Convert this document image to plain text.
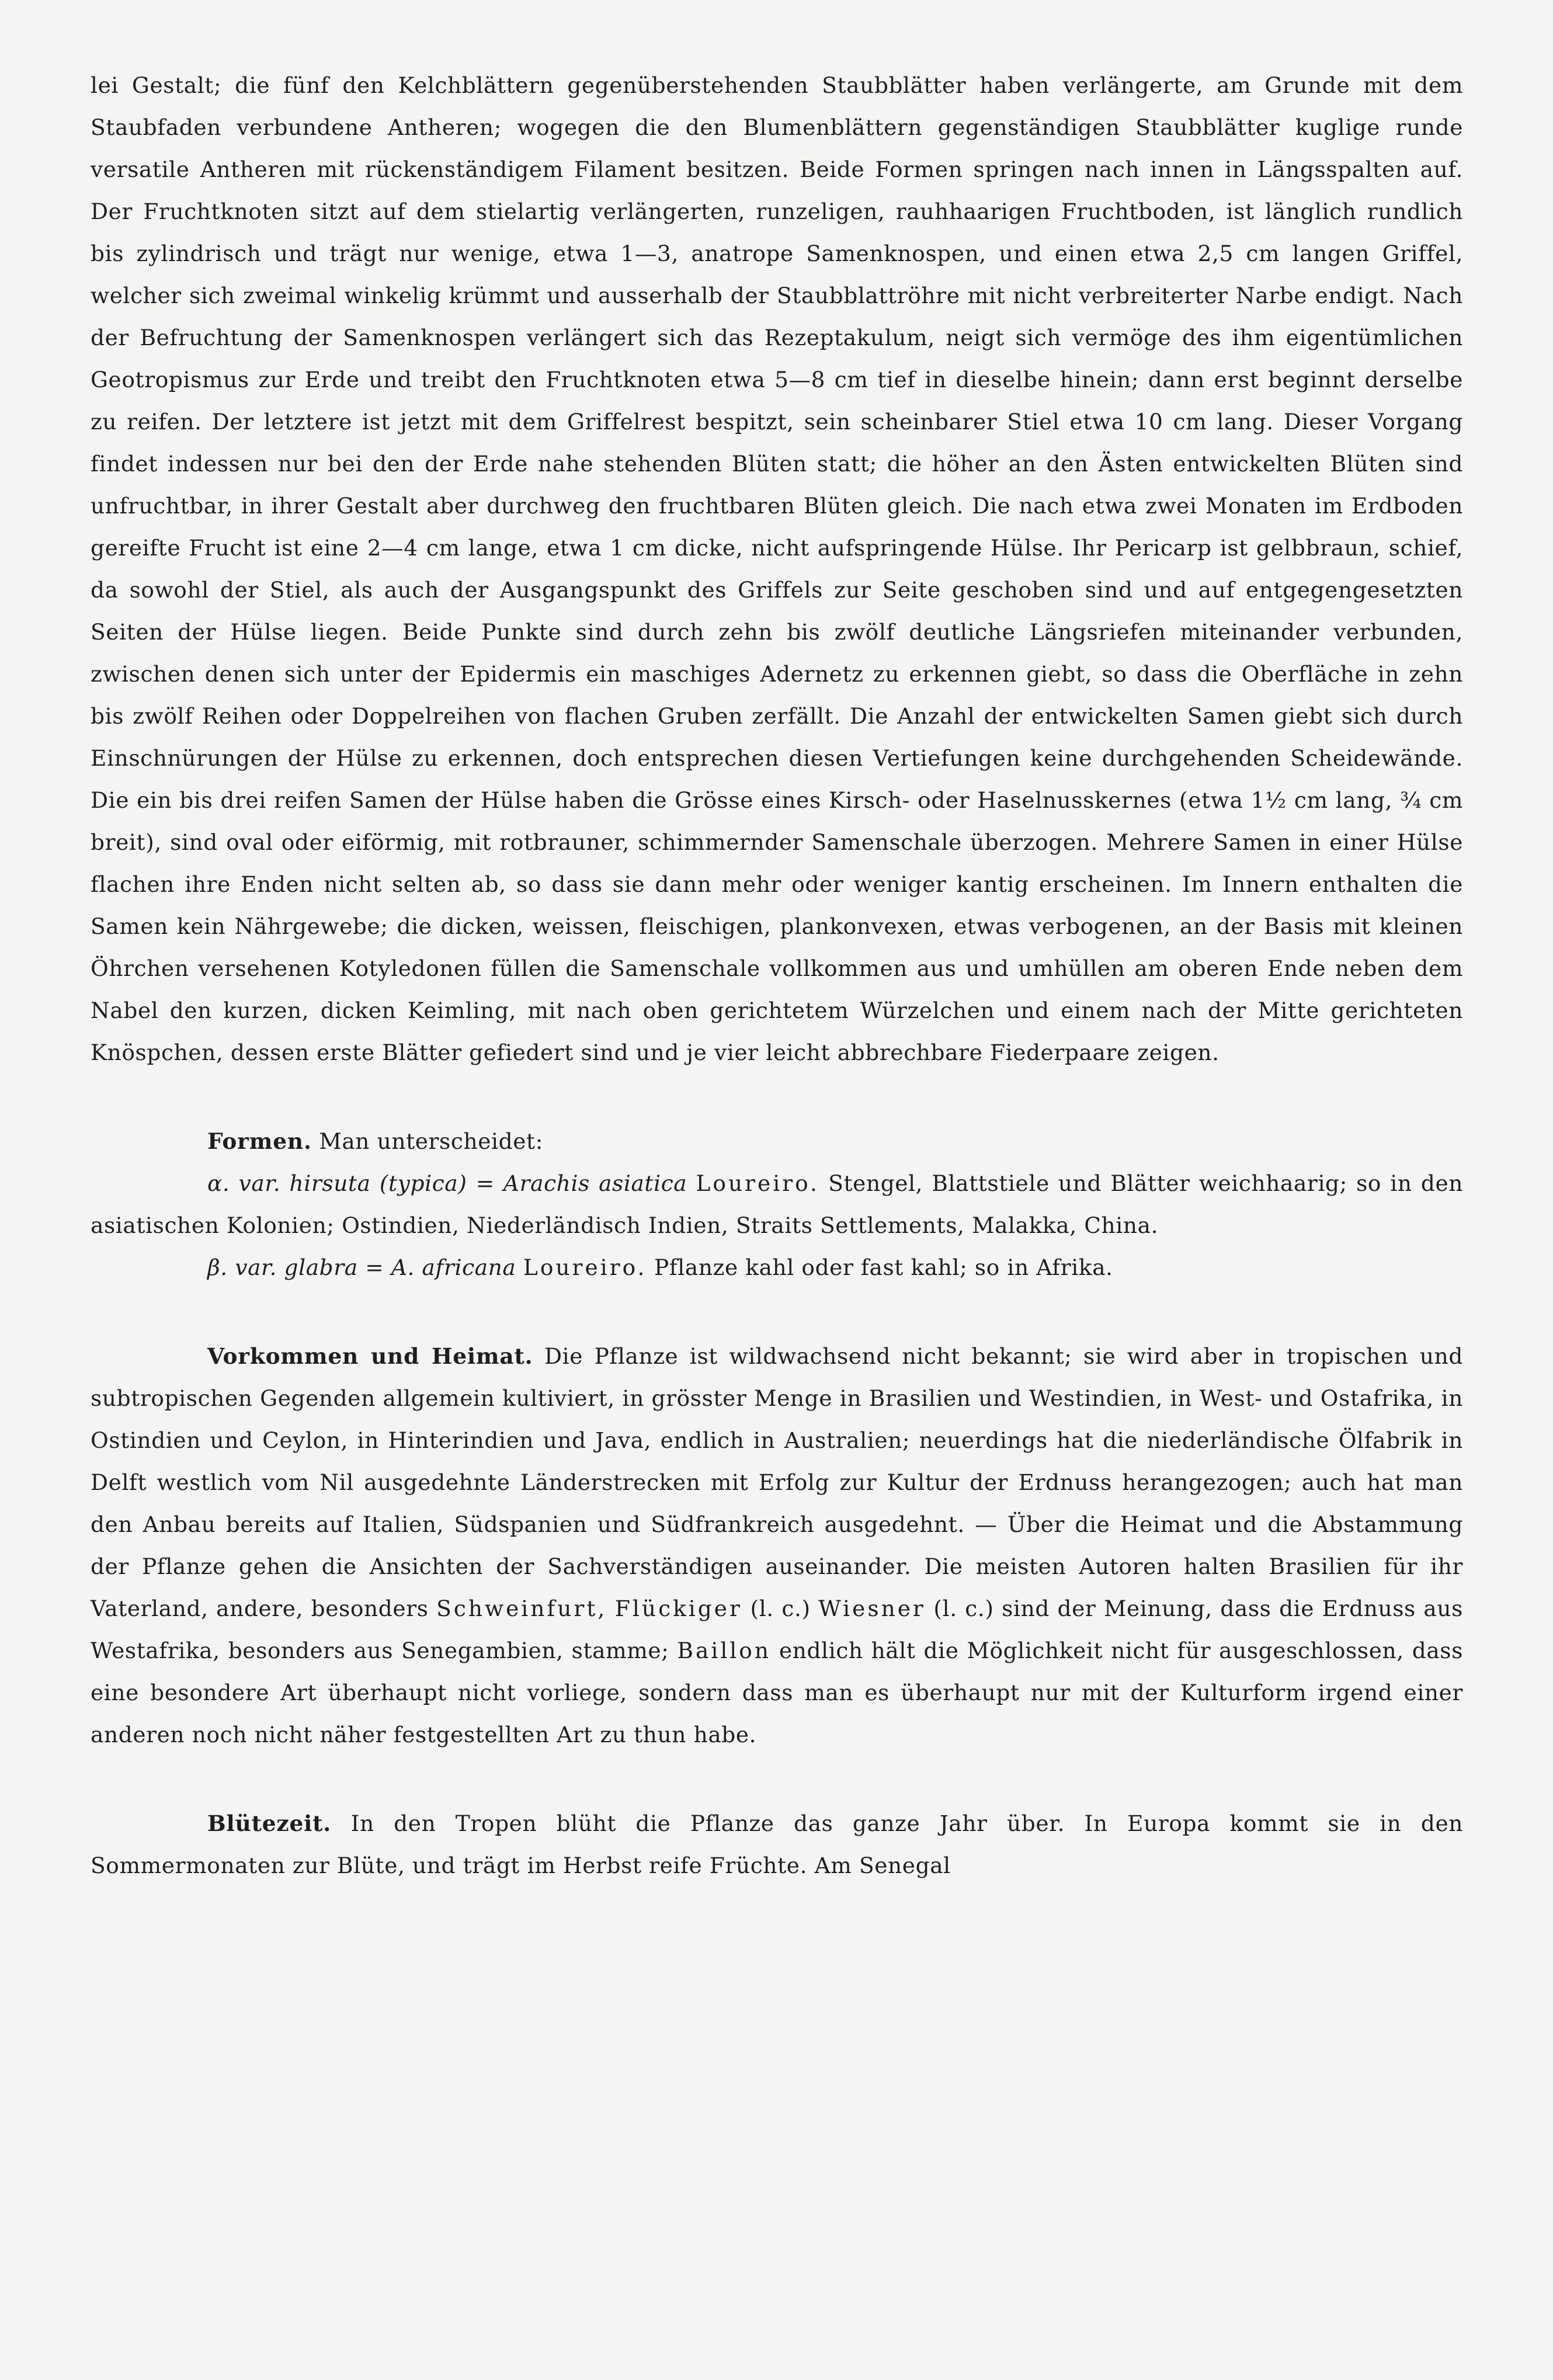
lei Gestalt; die fünf den Kelchblättern gegenüberstehenden Staubblätter haben verlängerte, am Grunde mit dem Staubfaden verbundene Antheren; wogegen die den Blumenblättern gegenständigen Staubblätter kuglige runde versatile Antheren mit rückenständigem Filament besitzen. Beide Formen springen nach innen in Längsspalten auf. Der Fruchtknoten sitzt auf dem stielartig verlängerten, runzeligen, rauhhaarigen Fruchtboden, ist länglich rundlich bis zylindrisch und trägt nur wenige, etwa 1—3, anatrope Samenknospen, und einen etwa 2,5 cm langen Griffel, welcher sich zweimal winkelig krümmt und ausserhalb der Staubblattröhre mit nicht verbreiterter Narbe endigt. Nach der Befruchtung der Samenknospen verlängert sich das Rezeptakulum, neigt sich vermöge des ihm eigentümlichen Geotropismus zur Erde und treibt den Fruchtknoten etwa 5—8 cm tief in dieselbe hinein; dann erst beginnt derselbe zu reifen. Der letztere ist jetzt mit dem Griffelrest bespitzt, sein scheinbarer Stiel etwa 10 cm lang. Dieser Vorgang findet indessen nur bei den der Erde nahe stehenden Blüten statt; die höher an den Ästen entwickelten Blüten sind unfruchtbar, in ihrer Gestalt aber durchweg den fruchtbaren Blüten gleich. Die nach etwa zwei Monaten im Erdboden gereifte Frucht ist eine 2—4 cm lange, etwa 1 cm dicke, nicht aufspringende Hülse. Ihr Pericarp ist gelbbraun, schief, da sowohl der Stiel, als auch der Ausgangspunkt des Griffels zur Seite geschoben sind und auf entgegengesetzten Seiten der Hülse liegen. Beide Punkte sind durch zehn bis zwölf deutliche Längsriefen miteinander verbunden, zwischen denen sich unter der Epidermis ein maschiges Adernetz zu erkennen giebt, so dass die Oberfläche in zehn bis zwölf Reihen oder Doppelreihen von flachen Gruben zerfällt. Die Anzahl der entwickelten Samen giebt sich durch Einschnürungen der Hülse zu erkennen, doch entsprechen diesen Vertiefungen keine durchgehenden Scheidewände. Die ein bis drei reifen Samen der Hülse haben die Grösse eines Kirsch- oder Haselnusskernes (etwa 1½ cm lang, ¾ cm breit), sind oval oder eiförmig, mit rotbrauner, schimmernder Samenschale überzogen. Mehrere Samen in einer Hülse flachen ihre Enden nicht selten ab, so dass sie dann mehr oder weniger kantig erscheinen. Im Innern enthalten die Samen kein Nährgewebe; die dicken, weissen, fleischigen, plankonvexen, etwas verbogenen, an der Basis mit kleinen Öhrchen versehenen Kotyledonen füllen die Samenschale vollkommen aus und umhüllen am oberen Ende neben dem Nabel den kurzen, dicken Keimling, mit nach oben gerichtetem Würzelchen und einem nach der Mitte gerichteten Knöspchen, dessen erste Blätter gefiedert sind und je vier leicht abbrechbare Fiederpaare zeigen.

Formen. Man unterscheidet:

α. var. hirsuta (typica) = Arachis asiatica Loureiro. Stengel, Blattstiele und Blätter weichhaarig; so in den asiatischen Kolonien; Ostindien, Niederländisch Indien, Straits Settlements, Malakka, China.

β. var. glabra = A. africana Loureiro. Pflanze kahl oder fast kahl; so in Afrika.

Vorkommen und Heimat. Die Pflanze ist wildwachsend nicht bekannt; sie wird aber in tropischen und subtropischen Gegenden allgemein kultiviert, in grösster Menge in Brasilien und Westindien, in West- und Ostafrika, in Ostindien und Ceylon, in Hinterindien und Java, endlich in Australien; neuerdings hat die niederländische Ölfabrik in Delft westlich vom Nil ausgedehnte Länderstrecken mit Erfolg zur Kultur der Erdnuss herangezogen; auch hat man den Anbau bereits auf Italien, Südspanien und Südfrankreich ausgedehnt. — Über die Heimat und die Abstammung der Pflanze gehen die Ansichten der Sachverständigen auseinander. Die meisten Autoren halten Brasilien für ihr Vaterland, andere, besonders Schweinfurt, Flückiger (l. c.) Wiesner (l. c.) sind der Meinung, dass die Erdnuss aus Westafrika, besonders aus Senegambien, stamme; Baillon endlich hält die Möglichkeit nicht für ausgeschlossen, dass eine besondere Art überhaupt nicht vorliege, sondern dass man es überhaupt nur mit der Kulturform irgend einer anderen noch nicht näher festgestellten Art zu thun habe.

Blütezeit. In den Tropen blüht die Pflanze das ganze Jahr über. In Europa kommt sie in den Sommermonaten zur Blüte, und trägt im Herbst reife Früchte. Am Senegal
